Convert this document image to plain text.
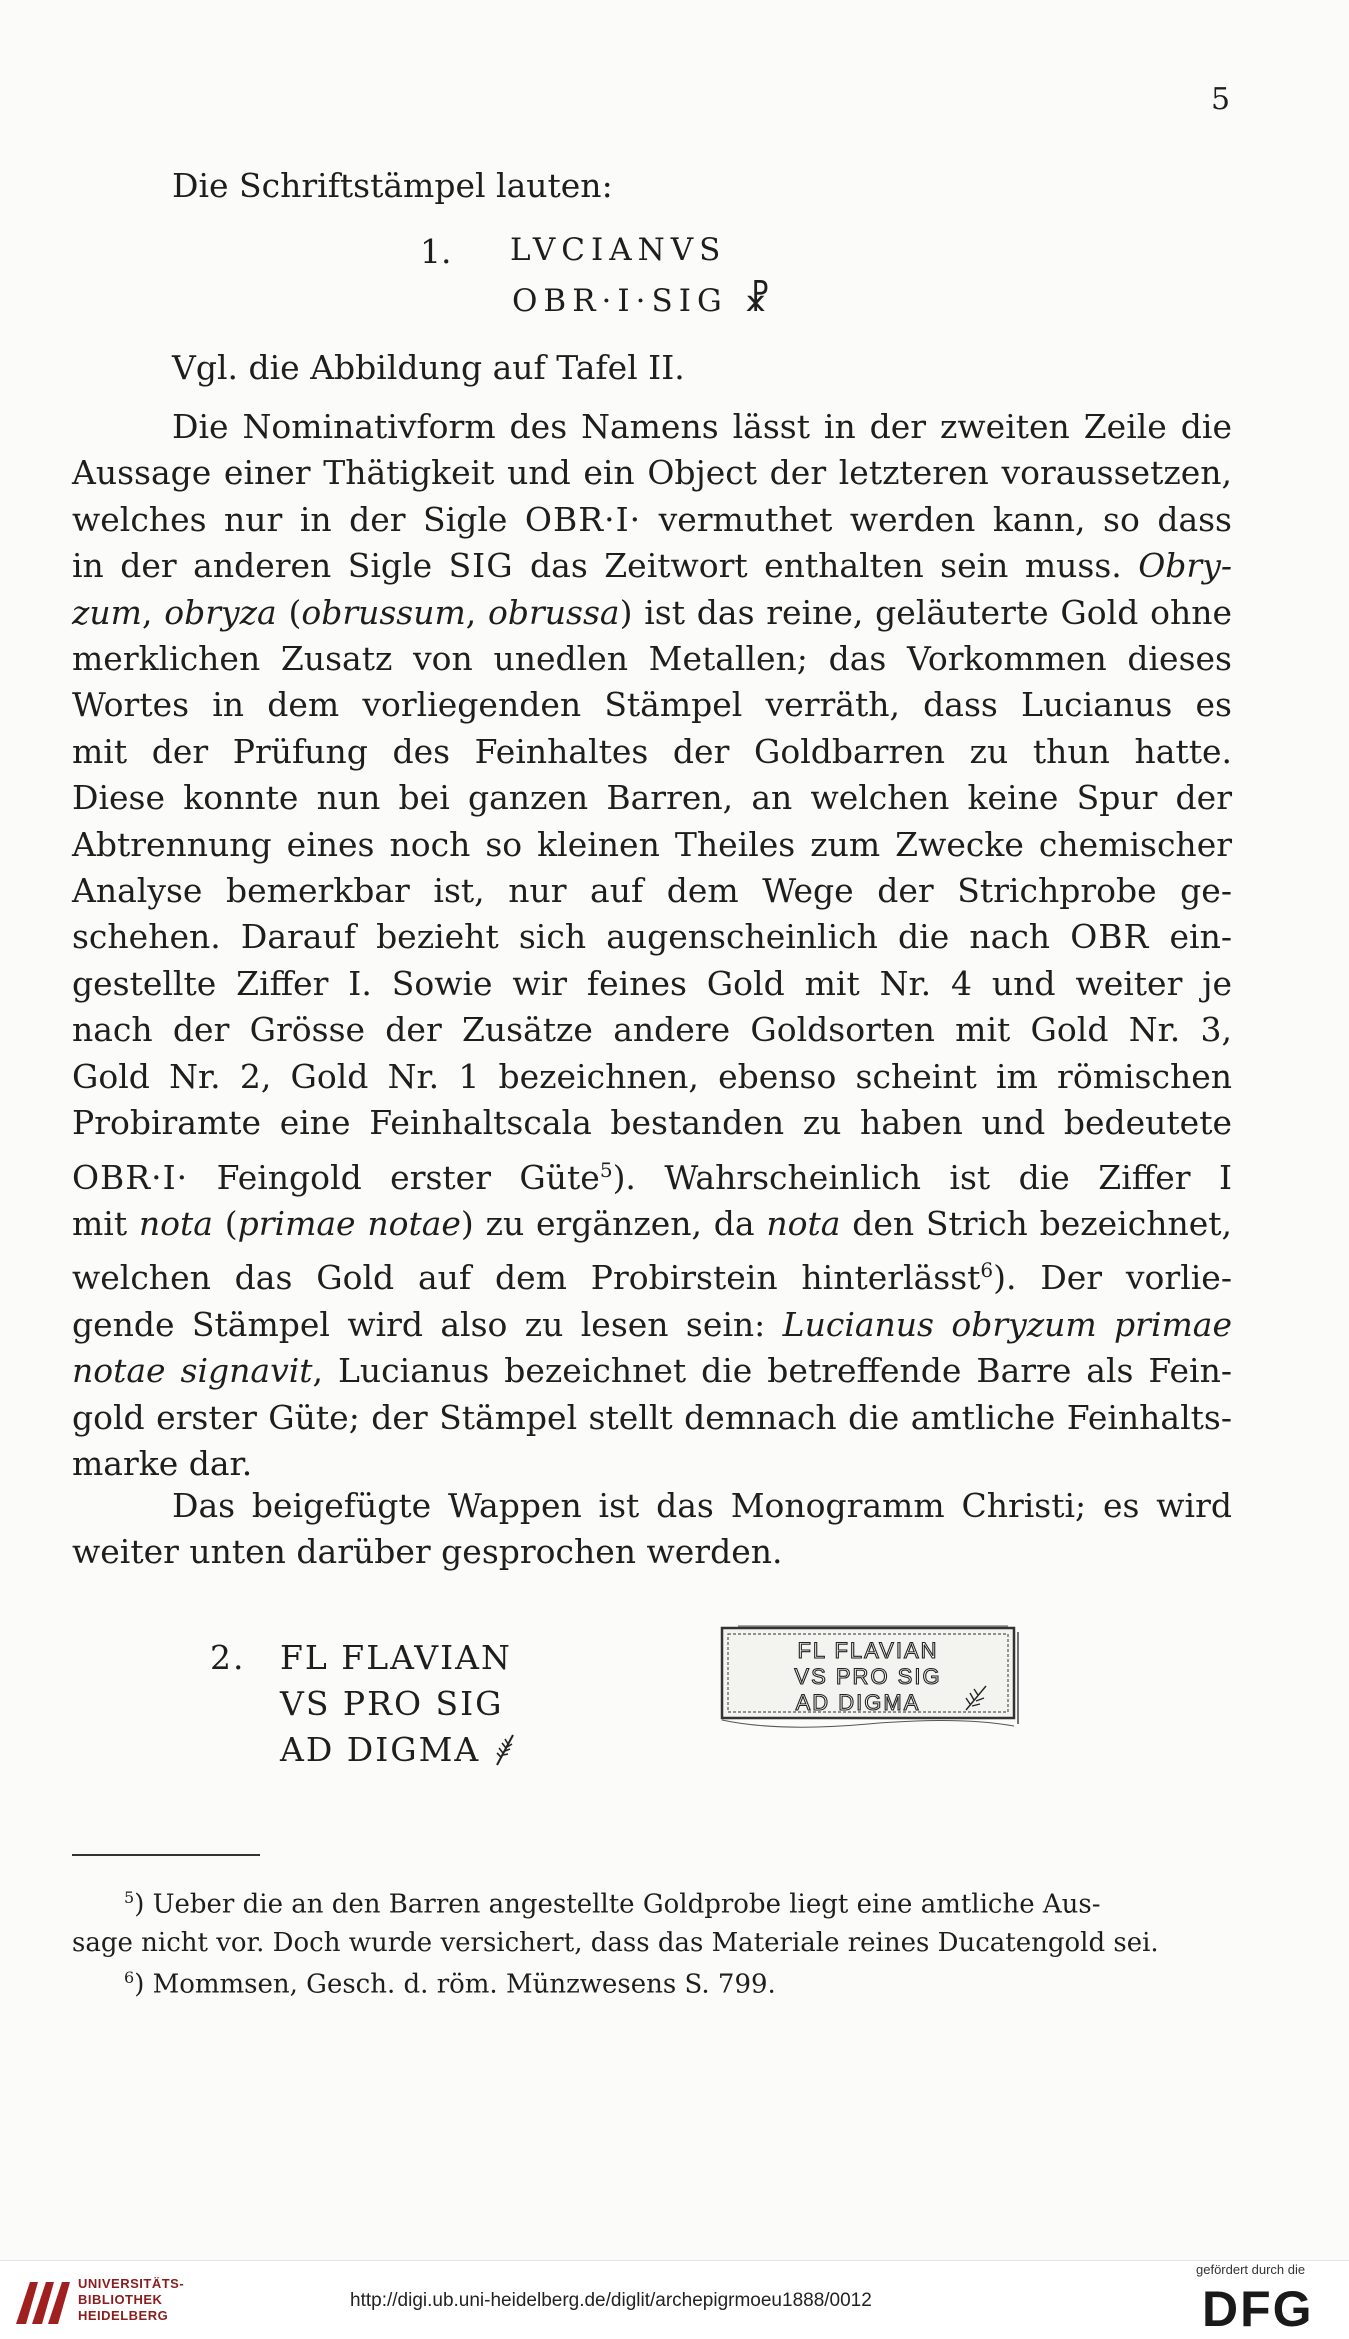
5
Die Schriftstämpel lauten:
1. LVCIANVS
OBR·I·SIG ☧
Vgl. die Abbildung auf Tafel II.
Die Nominativform des Namens lässt in der zweiten Zeile die
Aussage einer Thätigkeit und ein Object der letzteren voraussetzen,
welches nur in der Sigle OBR·I· vermuthet werden kann, so dass
in der anderen Sigle SIG das Zeitwort enthalten sein muss. Obry-
zum, obryza (obrussum, obrussa) ist das reine, geläuterte Gold ohne
merklichen Zusatz von unedlen Metallen; das Vorkommen dieses
Wortes in dem vorliegenden Stämpel verräth, dass Lucianus es
mit der Prüfung des Feinhaltes der Goldbarren zu thun hatte.
Diese konnte nun bei ganzen Barren, an welchen keine Spur der
Abtrennung eines noch so kleinen Theiles zum Zwecke chemischer
Analyse bemerkbar ist, nur auf dem Wege der Strichprobe ge-
schehen. Darauf bezieht sich augenscheinlich die nach OBR ein-
gestellte Ziffer I. Sowie wir feines Gold mit Nr. 4 und weiter je
nach der Grösse der Zusätze andere Goldsorten mit Gold Nr. 3,
Gold Nr. 2, Gold Nr. 1 bezeichnen, ebenso scheint im römischen
Probiramte eine Feinhaltscala bestanden zu haben und bedeutete
OBR·I· Feingold erster Güte$^5$). Wahrscheinlich ist die Ziffer I
mit nota (primae notae) zu ergänzen, da nota den Strich bezeichnet,
welchen das Gold auf dem Probirstein hinterlässt$^6$). Der vorlie-
gende Stämpel wird also zu lesen sein: Lucianus obryzum primae
notae signavit, Lucianus bezeichnet die betreffende Barre als Fein-
gold erster Güte; der Stämpel stellt demnach die amtliche Feinhalts-
marke dar.
Das beigefügte Wappen ist das Monogramm Christi; es wird
weiter unten darüber gesprochen werden.
2. FL FLAVIAN
VS PRO SIG
AD DIGMA
FL FLAVIAN
VS PRO SIG
AD DIGMA
$^5$) Ueber die an den Barren angestellte Goldprobe liegt eine amtliche Aus-
sage nicht vor. Doch wurde versichert, dass das Materiale reines Ducatengold sei.
$^6$) Mommsen, Gesch. d. röm. Münzwesens S. 799.
UNIVERSITÄTS-
BIBLIOTHEK
HEIDELBERG
http://digi.ub.uni-heidelberg.de/diglit/archepigrmoeu1888/0012
gefördert durch die
DFG
